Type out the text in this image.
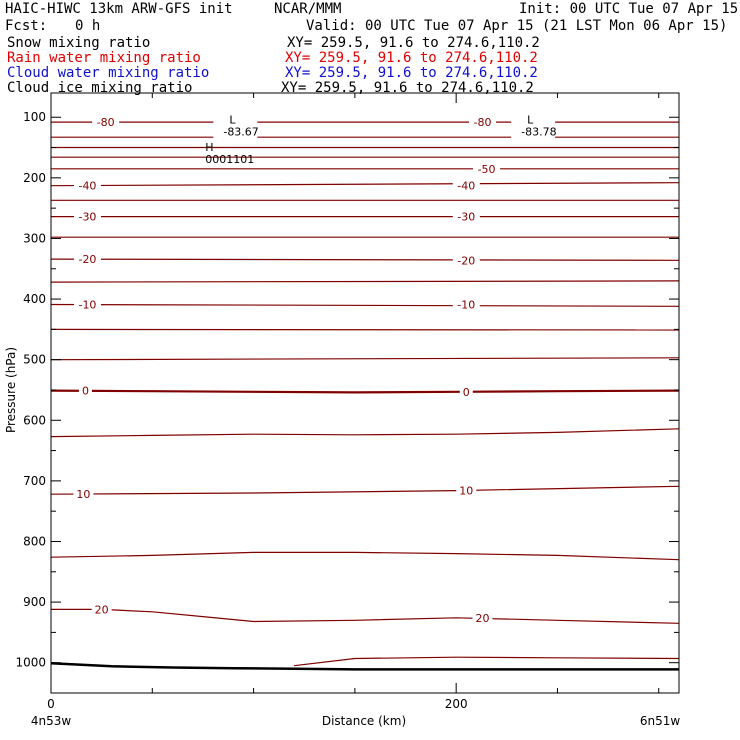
HAIC-HIWC 13km ARW-GFS init	NCAR/MMM	Init: 00 UTC Tue 07 Apr 15
Fcst: 0 h	Valid: 00 UTC Tue 07 Apr 15 (21 LST Mon 06 Apr 15)
Snow mixing ratio	XY= 259.5, 91.6 to 274.6,110.2
Rain water mixing ratio	XY= 259.5, 91.6 to 274.6,110.2
Cloud water mixing ratio	XY= 259.5, 91.6 to 274.6,110.2
Cloud ice mixing ratio	XY= 259.5, 91.6 to 274.6,110.2
-80	-80
-50
-40	-40
-30	-30
-20	-20
-10	-10
0	0
10	10
20
20
L
-83.67
L
-83.78
H
0001101
100
200
300
400
500
600
700
800
900
1000
0	200
Pressure (hPa)
Distance (km)
4n53w	6n51w
